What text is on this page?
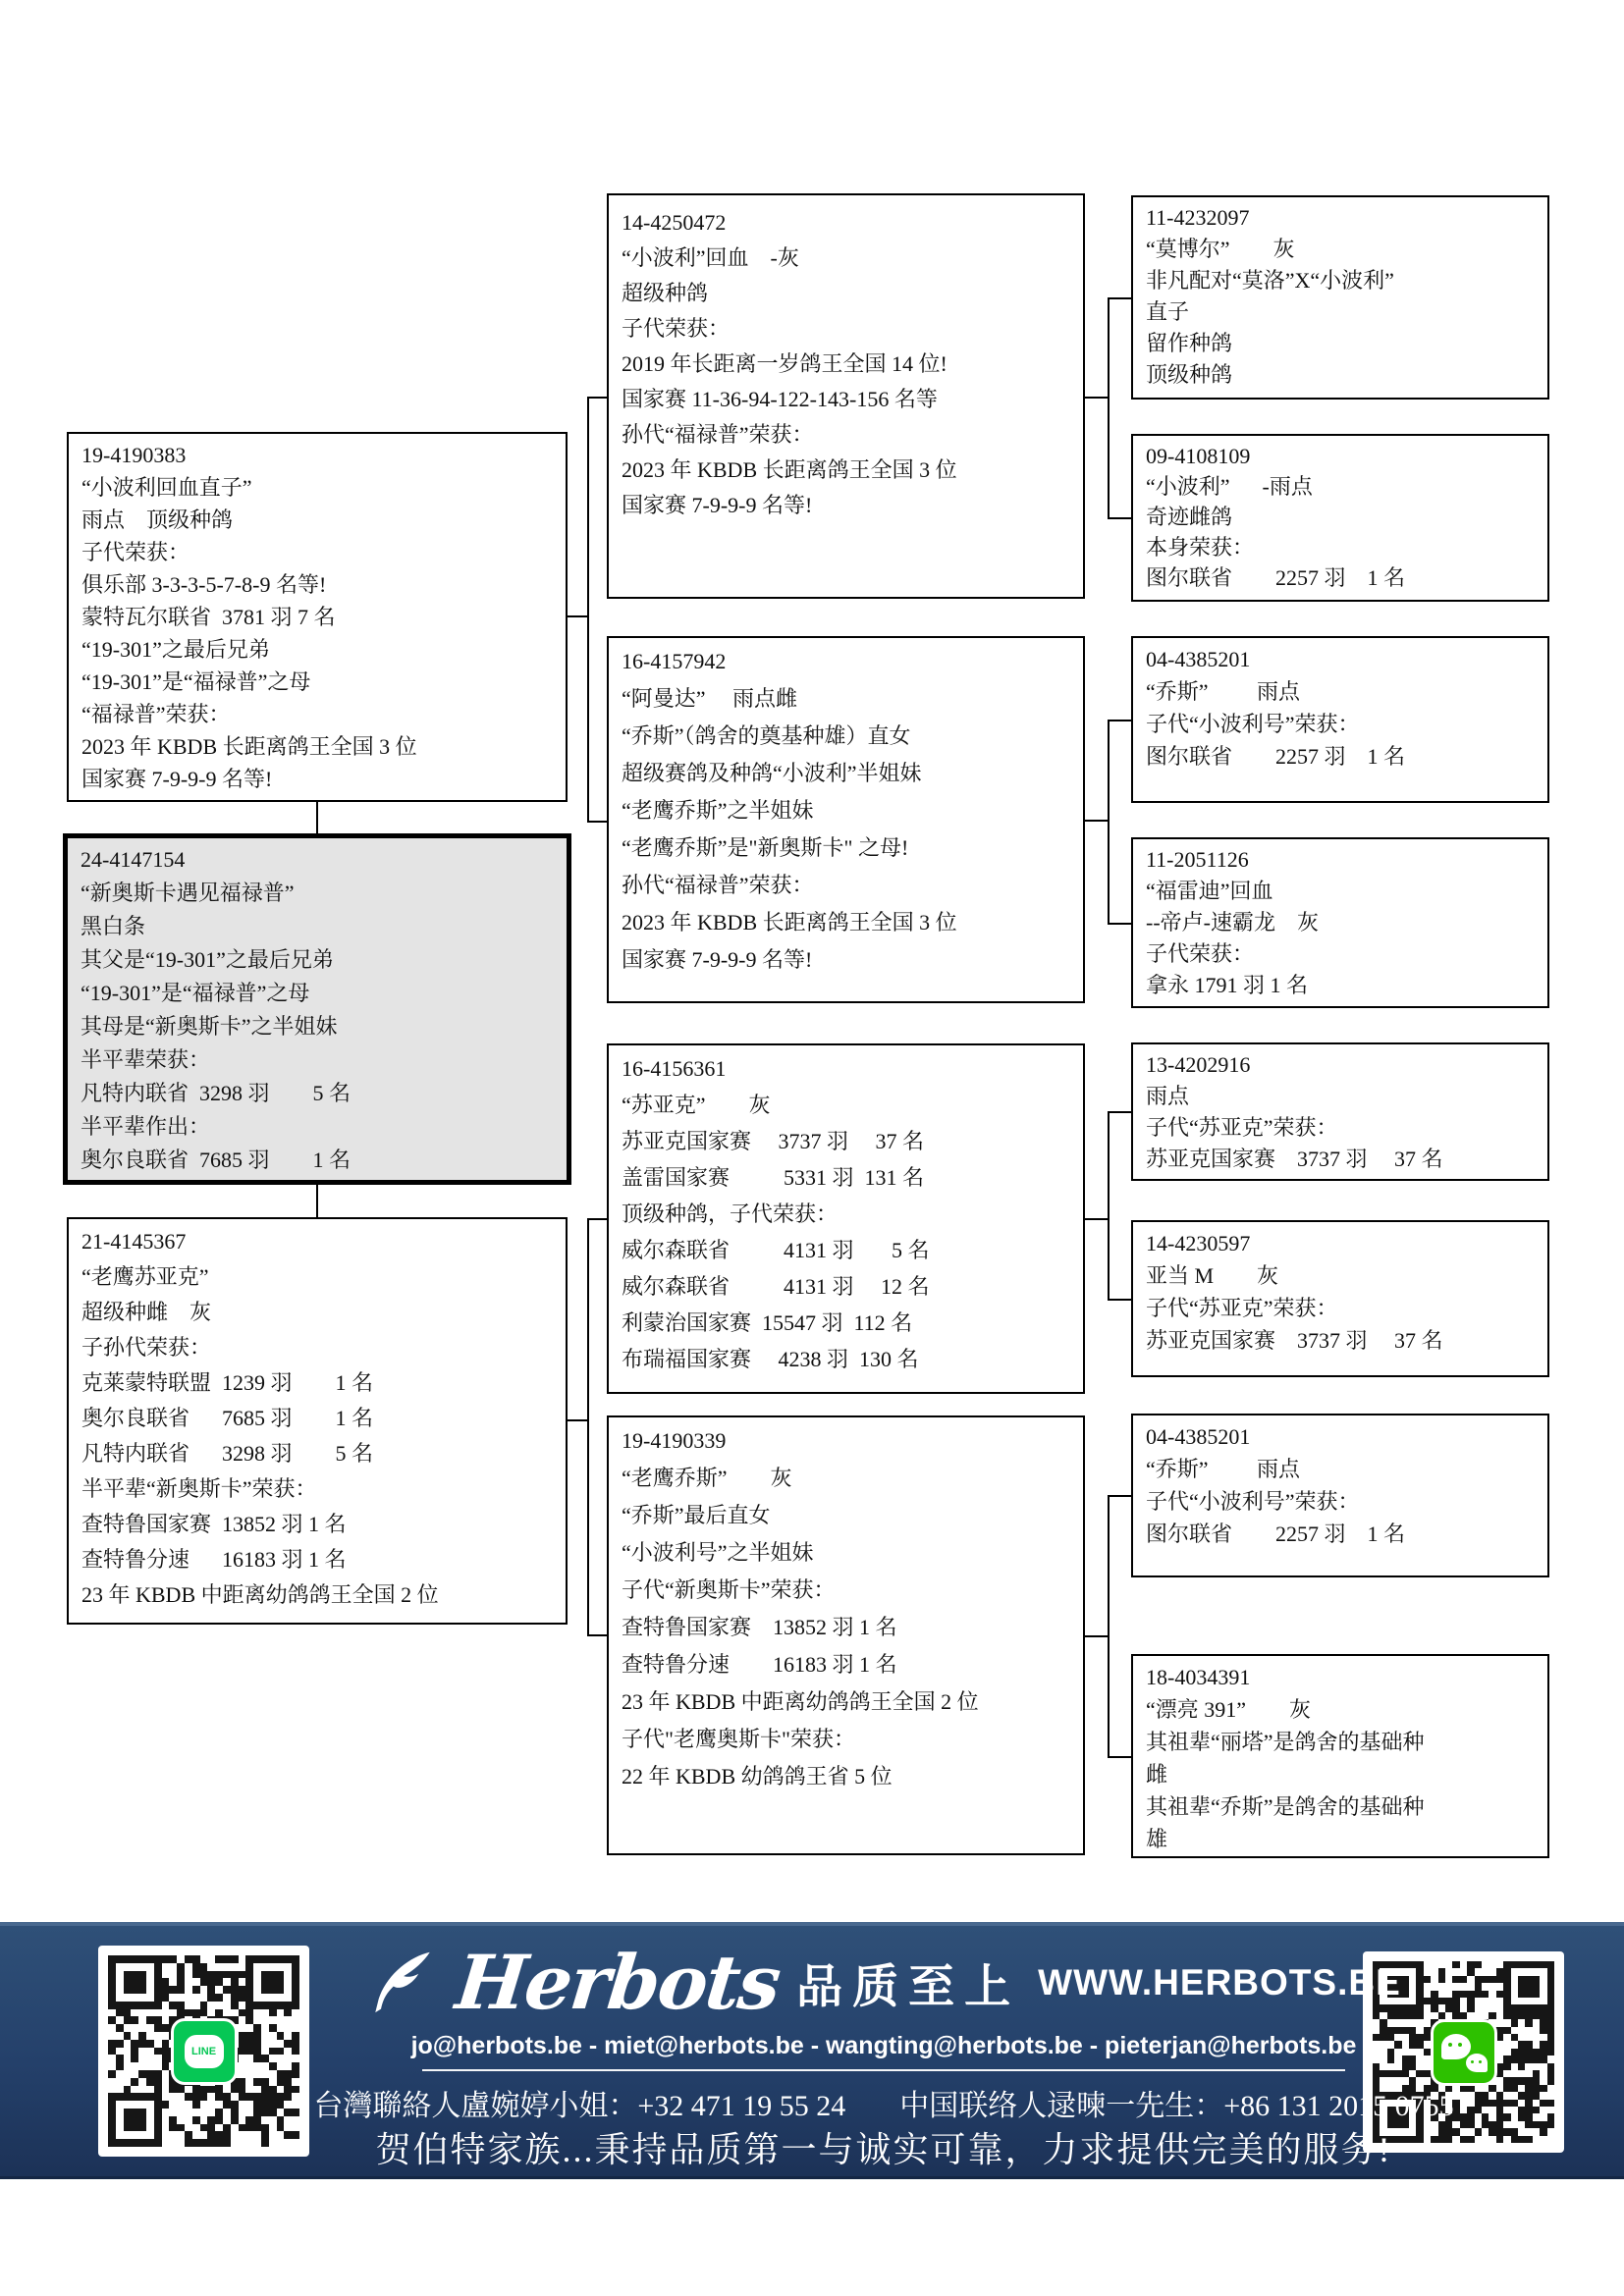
19-4190383
“小波利回血直子”
雨点　顶级种鸽
子代荣获：
俱乐部 3-3-3-5-7-8-9 名等!
蒙特瓦尔联省  3781 羽 7 名
“19-301”之最后兄弟
“19-301”是“福禄普”之母
“福禄普”荣获：
2023 年 KBDB 长距离鸽王全国 3 位
国家赛 7-9-9-9 名等!
24-4147154
“新奥斯卡遇见福禄普”
黑白条
其父是“19-301”之最后兄弟
“19-301”是“福禄普”之母
其母是“新奥斯卡”之半姐妹
半平辈荣获：
凡特内联省  3298 羽　　5 名
半平辈作出：
奥尔良联省  7685 羽　　1 名
21-4145367
“老鹰苏亚克”
超级种雌　灰
子孙代荣获：
克莱蒙特联盟  1239 羽　　1 名
奥尔良联省　  7685 羽　　1 名
凡特内联省　  3298 羽　　5 名
半平辈“新奥斯卡”荣获：
查特鲁国家赛  13852 羽 1 名
查特鲁分速　  16183 羽 1 名
23 年 KBDB 中距离幼鸽鸽王全国 2 位
14-4250472
“小波利”回血　-灰
超级种鸽
子代荣获：
2019 年长距离一岁鸽王全国 14 位!
国家赛 11-36-94-122-143-156 名等
孙代“福禄普”荣获：
2023 年 KBDB 长距离鸽王全国 3 位
国家赛 7-9-9-9 名等!
16-4157942
“阿曼达”　 雨点雌
“乔斯”（鸽舍的奠基种雄）直女
超级赛鸽及种鸽“小波利”半姐妹
“老鹰乔斯”之半姐妹
“老鹰乔斯”是"新奥斯卡" 之母!
孙代“福禄普”荣获：
2023 年 KBDB 长距离鸽王全国 3 位
国家赛 7-9-9-9 名等!
16-4156361
“苏亚克”　　灰
苏亚克国家赛　 3737 羽　 37 名
盖雷国家赛　　  5331 羽  131 名
顶级种鸽，子代荣获：
威尔森联省　　  4131 羽　   5 名
威尔森联省　　  4131 羽　 12 名
利蒙治国家赛  15547 羽  112 名
布瑞福国家赛　 4238 羽  130 名
19-4190339
“老鹰乔斯”　　灰
“乔斯”最后直女
“小波利号”之半姐妹
子代“新奥斯卡”荣获：
查特鲁国家赛　13852 羽 1 名
查特鲁分速　　16183 羽 1 名
23 年 KBDB 中距离幼鸽鸽王全国 2 位
子代"老鹰奥斯卡"荣获：
22 年 KBDB 幼鸽鸽王省 5 位
11-4232097
“莫博尔”　　灰
非凡配对“莫洛”X“小波利”
直子
留作种鸽
顶级种鸽
09-4108109
“小波利”　  -雨点
奇迹雌鸽
本身荣获：
图尔联省　　2257 羽　1 名
04-4385201
“乔斯”　　 雨点
子代“小波利号”荣获：
图尔联省　　2257 羽　1 名
11-2051126
“福雷迪”回血
--帝卢-速霸龙　灰
子代荣获：
拿永 1791 羽 1 名
13-4202916
雨点
子代“苏亚克”荣获：
苏亚克国家赛　3737 羽　 37 名
14-4230597
亚当 M　　灰
子代“苏亚克”荣获：
苏亚克国家赛　3737 羽　 37 名
04-4385201
“乔斯”　　 雨点
子代“小波利号”荣获：
图尔联省　　2257 羽　1 名
18-4034391
“漂亮 391”　　灰
其祖辈“丽塔”是鸽舍的基础种
雌
其祖辈“乔斯”是鸽舍的基础种
雄
LINE
Herbots 品质至上 WWW.HERBOTS.BE
jo@herbots.be - miet@herbots.be - wangting@herbots.be - pieterjan@herbots.be
台灣聯絡人盧婉婷小姐：+32 471 19 55 24 中国联络人逯暕一先生：+86 131 2015 0755
贺伯特家族...秉持品质第一与诚实可靠，力求提供完美的服务!
